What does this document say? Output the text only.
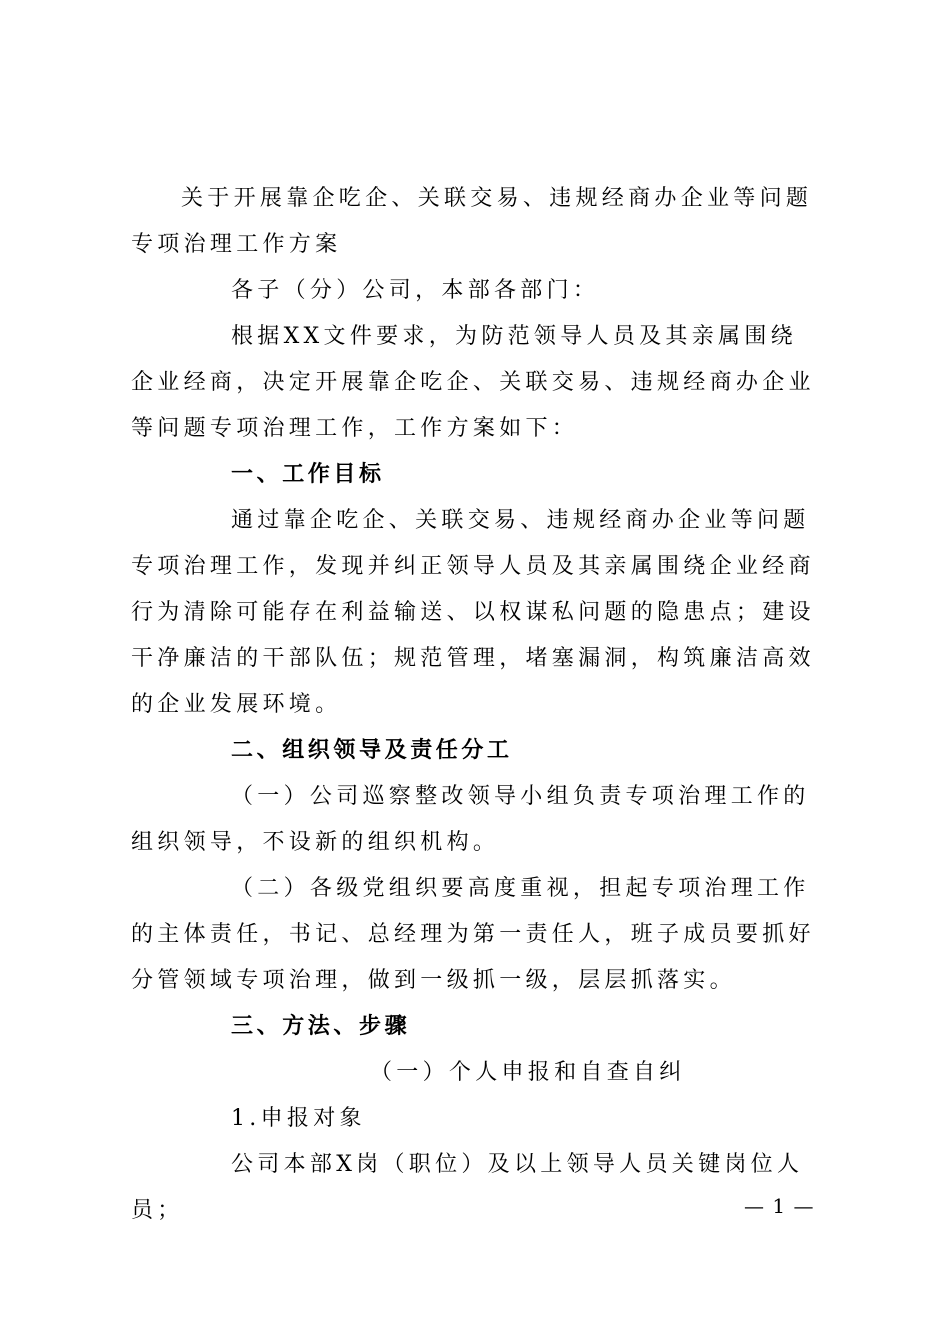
关于开展靠企吃企、关联交易、违规经商办企业等问题专项治理工作方案

各子（分）公司，本部各部门：

根据XX文件要求，为防范领导人员及其亲属围绕企业经商，决定开展靠企吃企、关联交易、违规经商办企业等问题专项治理工作，工作方案如下：

一、工作目标

通过靠企吃企、关联交易、违规经商办企业等问题专项治理工作，发现并纠正领导人员及其亲属围绕企业经商行为清除可能存在利益输送、以权谋私问题的隐患点；建设干净廉洁的干部队伍；规范管理，堵塞漏洞，构筑廉洁高效的企业发展环境。

二、组织领导及责任分工

（一）公司巡察整改领导小组负责专项治理工作的组织领导，不设新的组织机构。

（二）各级党组织要高度重视，担起专项治理工作的主体责任，书记、总经理为第一责任人，班子成员要抓好分管领域专项治理，做到一级抓一级，层层抓落实。

三、方法、步骤

（一）个人申报和自查自纠

1.申报对象

公司本部X岗（职位）及以上领导人员关键岗位人员；	— 1 —
